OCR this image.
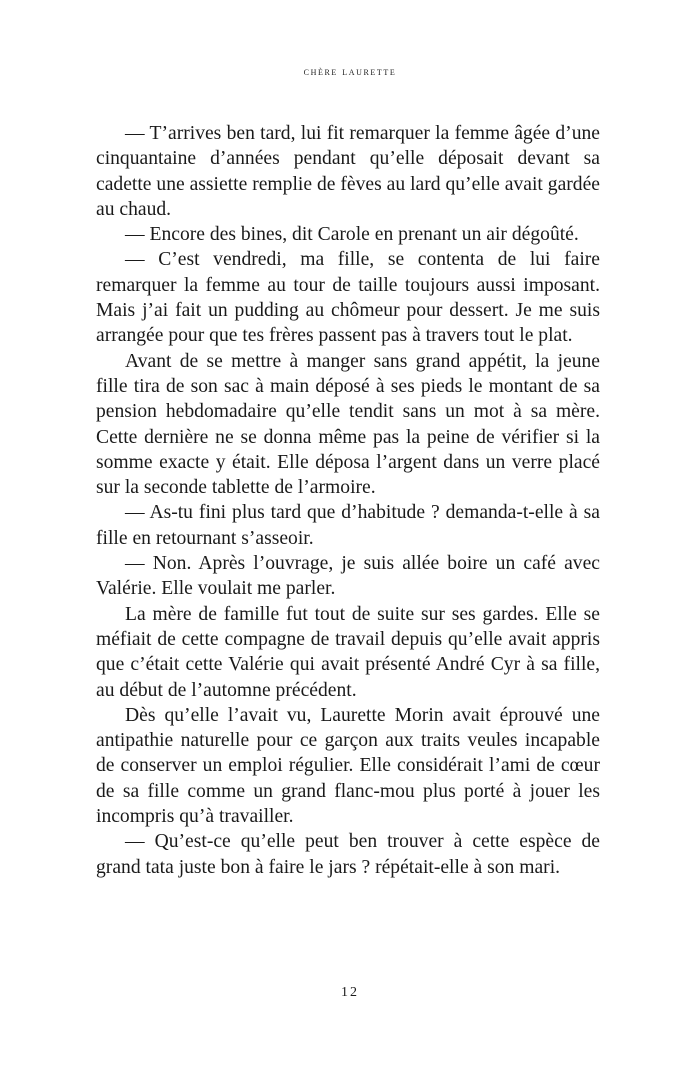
chère laurette

— T’arrives ben tard, lui fit remarquer la femme âgée d’une cinquantaine d’années pendant qu’elle déposait devant sa cadette une assiette remplie de fèves au lard qu’elle avait gardée au chaud.

— Encore des bines, dit Carole en prenant un air dégoûté.

— C’est vendredi, ma fille, se contenta de lui faire remarquer la femme au tour de taille toujours aussi imposant. Mais j’ai fait un pudding au chômeur pour dessert. Je me suis arrangée pour que tes frères passent pas à travers tout le plat.

Avant de se mettre à manger sans grand appétit, la jeune fille tira de son sac à main déposé à ses pieds le montant de sa pension hebdomadaire qu’elle tendit sans un mot à sa mère. Cette dernière ne se donna même pas la peine de vérifier si la somme exacte y était. Elle déposa l’argent dans un verre placé sur la seconde tablette de l’armoire.

— As-tu fini plus tard que d’habitude ? demanda-t-elle à sa fille en retournant s’asseoir.

— Non. Après l’ouvrage, je suis allée boire un café avec Valérie. Elle voulait me parler.

La mère de famille fut tout de suite sur ses gardes. Elle se méfiait de cette compagne de travail depuis qu’elle avait appris que c’était cette Valérie qui avait présenté André Cyr à sa fille, au début de l’automne précédent.

Dès qu’elle l’avait vu, Laurette Morin avait éprouvé une antipathie naturelle pour ce garçon aux traits veules incapable de conserver un emploi régulier. Elle considérait l’ami de cœur de sa fille comme un grand flanc-mou plus porté à jouer les incompris qu’à travailler.

— Qu’est-ce qu’elle peut ben trouver à cette espèce de grand tata juste bon à faire le jars ? répétait-elle à son mari.

12
